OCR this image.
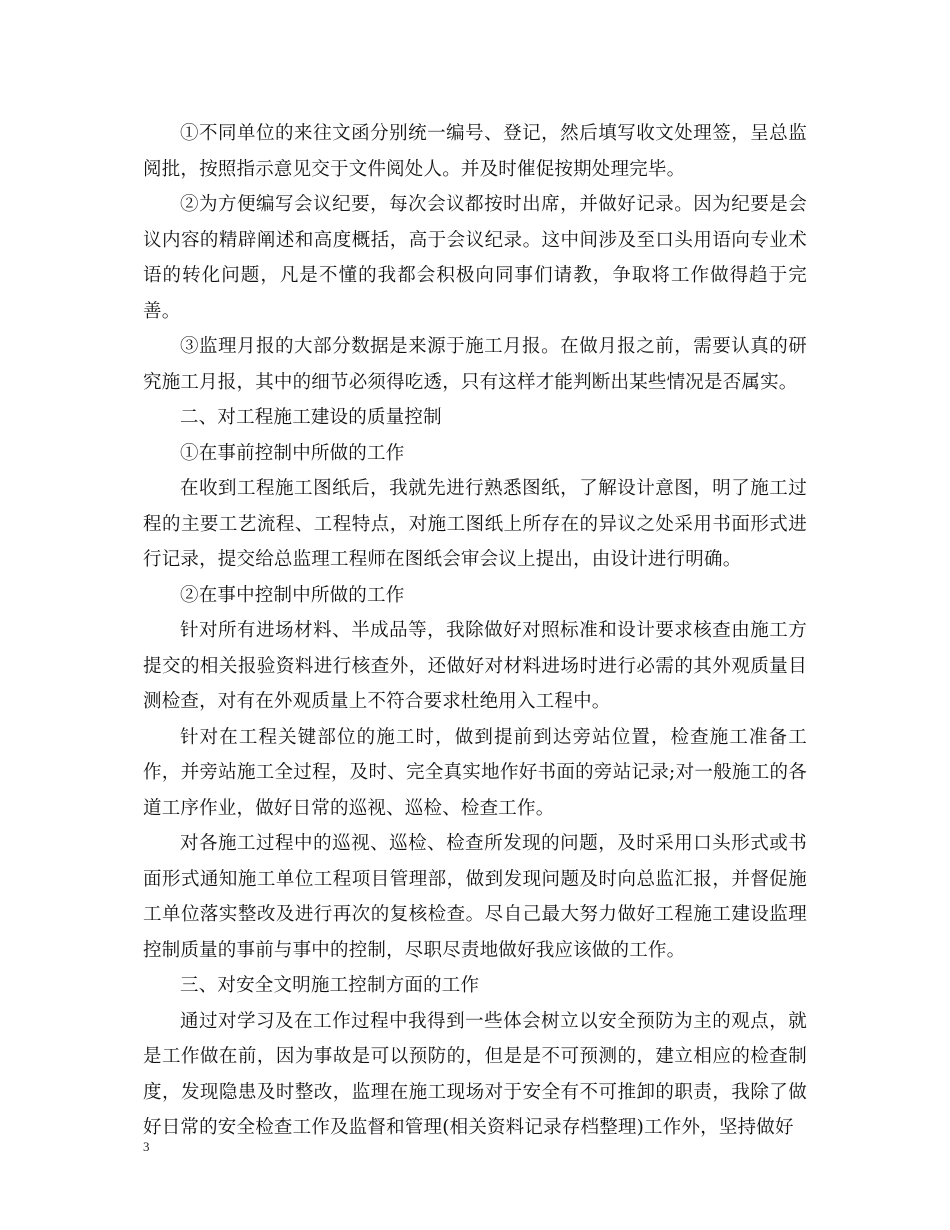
①不同单位的来往文函分别统一编号、登记，然后填写收文处理签，呈总监阅批，按照指示意见交于文件阅处人。并及时催促按期处理完毕。

②为方便编写会议纪要，每次会议都按时出席，并做好记录。因为纪要是会议内容的精辟阐述和高度概括，高于会议纪录。这中间涉及至口头用语向专业术语的转化问题，凡是不懂的我都会积极向同事们请教，争取将工作做得趋于完善。

③监理月报的大部分数据是来源于施工月报。在做月报之前，需要认真的研究施工月报，其中的细节必须得吃透，只有这样才能判断出某些情况是否属实。

二、对工程施工建设的质量控制

①在事前控制中所做的工作

在收到工程施工图纸后，我就先进行熟悉图纸，了解设计意图，明了施工过程的主要工艺流程、工程特点，对施工图纸上所存在的异议之处采用书面形式进行记录，提交给总监理工程师在图纸会审会议上提出，由设计进行明确。

②在事中控制中所做的工作

针对所有进场材料、半成品等，我除做好对照标准和设计要求核查由施工方提交的相关报验资料进行核查外，还做好对材料进场时进行必需的其外观质量目测检查，对有在外观质量上不符合要求杜绝用入工程中。

针对在工程关键部位的施工时，做到提前到达旁站位置，检查施工准备工作，并旁站施工全过程，及时、完全真实地作好书面的旁站记录;对一般施工的各道工序作业，做好日常的巡视、巡检、检查工作。

对各施工过程中的巡视、巡检、检查所发现的问题，及时采用口头形式或书面形式通知施工单位工程项目管理部，做到发现问题及时向总监汇报，并督促施工单位落实整改及进行再次的复核检查。尽自己最大努力做好工程施工建设监理控制质量的事前与事中的控制，尽职尽责地做好我应该做的工作。

三、对安全文明施工控制方面的工作

通过对学习及在工作过程中我得到一些体会树立以安全预防为主的观点，就是工作做在前，因为事故是可以预防的，但是是不可预测的，建立相应的检查制度，发现隐患及时整改，监理在施工现场对于安全有不可推卸的职责，我除了做好日常的安全检查工作及监督和管理(相关资料记录存档整理)工作外，坚持做好

3
